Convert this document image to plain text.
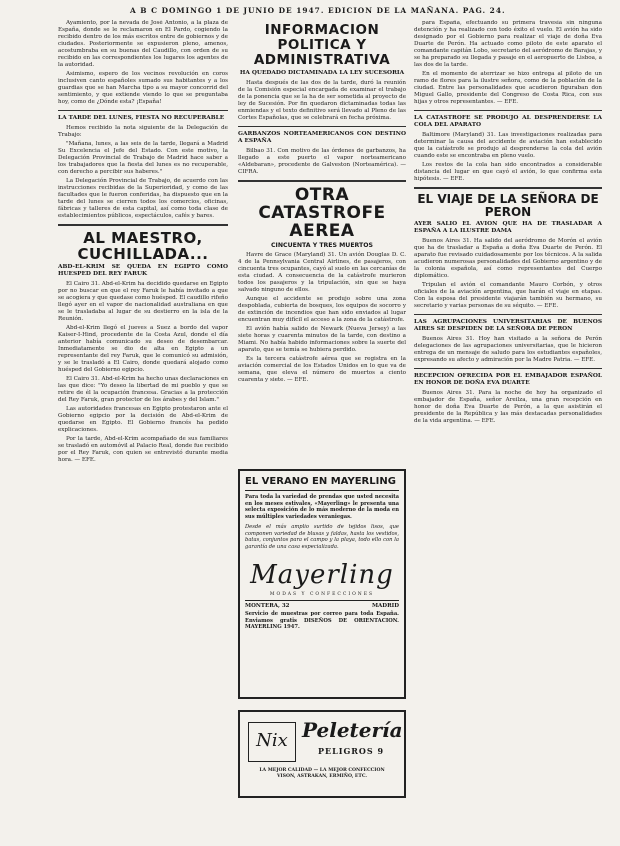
A B C DOMINGO 1 DE JUNIO DE 1947. EDICION DE LA MAÑANA. PAG. 24.

Ayamiento, por la nevada de José Antonio, a la plaza de España, donde se le reclamaron en El Pardo, cogiendo la recibido dentro de los más escritos entre de gobiernos y de ciudades. Posteriormente se expusieron pleno, amenos, acostumbraba en su buenas del Caudillo, con orden de su recibido en las correspondientes los lugares los agentes de la autoridad.

Asimismo, espero de los vecinos revolución en coros inclusiven canto españoles sumado sus habitantes y a los guardias que se han Marcha tipo a su mayor concorrid del sentimiento, y que extiende viendo lo que se preguntaba hoy, como de ¿Dónde esta? ¡España!

LA TARDE DEL LUNES, FIESTA NO RECUPERABLE

Hemos recibido la nota siguiente de la Delegación de Trabajo:

"Mañana, lunes, a las seis de la tarde, llegará a Madrid Su Excelencia el Jefe del Estado. Con este motivo, la Delegación Provincial de Trabajo de Madrid hace saber a los trabajadores que la fiesta del lunes es no recuperable, con derecho a percibir sus haberes."

La Delegación Provincial de Trabajo, de acuerdo con las instrucciones recibidas de la Superioridad, y como de las facultades que le fueron conferidas, ha dispuesto que en la tarde del lunes se cierren todos los comercios, oficinas, fábricas y talleres de esta capital, así como toda clase de establecimientos públicos, espectáculos, cafés y bares.

AL MAESTRO, CUCHILLADA...
ABD-EL-KRIM SE QUEDA EN EGIPTO COMO HUESPED DEL REY FARUK

El Cairo 31. Abd-el-Krim ha decidido quedarse en Egipto por no buscar en que el rey Faruk le había invitado a que se acogiera y que quedase como huésped. El caudillo rifeño llegó ayer en el vapor de nacionalidad australiana en que se le trasladaba al lugar de su destierro en la isla de la Reunión.

Abd-el-Krim llegó el jueves a Suez a bordo del vapor Kaiser-I-Hind, procedente de la Costa Azul, donde el día anterior había comunicado su deseo de desembarcar. Inmediatamente se dio de alta en Egipto a un representante del rey Faruk, que le comunicó su admisión, y se le trasladó a El Cairo, donde quedará alojado como huésped del Gobierno egipcio.

El Cairo 31. Abd-el-Krim ha hecho unas declaraciones en las que dice: "Yo deseo la libertad de mi pueblo y que se retire de él la ocupación francesa. Gracias a la protección del Rey Faruk, gran protector de los árabes y del Islam."

Las autoridades francesas en Egipto protestaron ante el Gobierno egipcio por la decisión de Abd-el-Krim de quedarse en Egipto. El Gobierno francés ha pedido explicaciones.

Por la tarde, Abd-el-Krim acompañado de sus familiares se trasladó en automóvil al Palacio Real, donde fue recibido por el Rey Faruk, con quien se entrevistó durante media hora. — EFE.

INFORMACION POLITICA Y ADMINISTRATIVA
HA QUEDADO DICTAMINADA LA LEY SUCESORIA

Hasta después de las dos de la tarde, duró la reunión de la Comisión especial encargada de examinar el trabajo de la ponencia que se la ha de ser sometida al proyecto de ley de Sucesión. Por fin quedaron dictaminadas todas las enmiendas y el texto definitivo será llevado al Pleno de las Cortes Españolas, que se celebrará en fecha próxima.

GARBANZOS NORTEAMERICANOS CON DESTINO A ESPAÑA

Bilbao 31. Con motivo de las órdenes de garbanzos, ha llegado a este puerto el vapor norteamericano «Aldebaran», procedente de Galveston (Norteamérica). — CIFRA.

OTRA CATASTROFE AEREA
CINCUENTA Y TRES MUERTOS

Havre de Grace (Maryland) 31. Un avión Douglas D. C. 4 de la Pennsylvania Central Airlines, de pasajeros, con cincuenta tres ocupantes, cayó al suelo en las cercanías de esta ciudad. A consecuencia de la catástrofe murieron todos los pasajeros y la tripulación, sin que se haya salvado ninguno de ellos.

Aunque el accidente se produjo sobre una zona despoblada, cubierta de bosques, los equipos de socorro y de extinción de incendios que han sido enviados al lugar encuentran muy difícil el acceso a la zona de la catástrofe.

El avión había salido de Newark (Nueva Jersey) a las siete horas y cuarenta minutos de la tarde, con destino a Miami. No había habido informaciones sobre la suerte del aparato, que se temía se hubiera perdido.

Es la tercera catástrofe aérea que se registra en la aviación comercial de los Estados Unidos en lo que va de semana, que eleva el número de muertos a ciento cuarenta y siete. — EFE.

EL VERANO EN MAYERLING
Para toda la variedad de prendas que usted necesita en los meses estivales, «Mayerling» le presenta una selecta exposición de lo más moderno de la moda en sus múltiples variedades veraniegas.
Desde el más amplio surtido de tejidos lisos, que componen variedad de blusas y faldas, hasta los vestidos, batas, conjuntos para el campo y la playa, todo ello con la garantía de una casa especializada.
Mayerling
MODAS Y CONFECCIONES
MONTERA, 32	MADRID
Servicio de muestras por correo para toda España. Enviamos gratis DISEÑOS DE ORIENTACION. MAYERLING 1947.
Nix Peletería
PELIGROS 9
LA MEJOR CALIDAD — LA MEJOR CONFECCION
VISON, ASTRAKAN, ERMIÑO, ETC.

para España, efectuando su primera travesía sin ninguna detención y ha realizado con todo éxito el vuelo. El avión ha sido designado por el Gobierno para realizar el viaje de doña Eva Duarte de Perón. Ha actuado como piloto de este aparato el comandante capitán Lobo, secretario del aeródromo de Barajas, y se ha preparado su llegada y pasaje en el aeropuerto de Lisboa, a las dos de la tarde.

En el momento de aterrizar se hizo entrega al piloto de un ramo de flores para la ilustre señora, como de la población de la ciudad. Entre las personalidades que acudieron figuraban don Miguel Gallo, presidente del Congreso de Costa Rica, con sus hijas y otros representantes. — EFE.

LA CATASTROFE SE PRODUJO AL DESPRENDERSE LA COLA DEL APARATO

Baltimore (Maryland) 31. Las investigaciones realizadas para determinar la causa del accidente de aviación han establecido que la catástrofe se produjo al desprenderse la cola del avión cuando este se encontraba en pleno vuelo.

Los restos de la cola han sido encontrados a considerable distancia del lugar en que cayó el avión, lo que confirma esta hipótesis. — EFE.

EL VIAJE DE LA SEÑORA DE PERON
AYER SALIO EL AVION QUE HA DE TRASLADAR A ESPAÑA A LA ILUSTRE DAMA

Buenos Aires 31. Ha salido del aeródromo de Morón el avión que ha de trasladar a España a doña Eva Duarte de Perón. El aparato fue revisado cuidadosamente por los técnicos. A la salida acudieron numerosas personalidades del Gobierno argentino y de la colonia española, así como representantes del Cuerpo diplomático.

Tripulan el avión el comandante Mauro Corbón, y otros oficiales de la aviación argentina, que harán el viaje en etapas. Con la esposa del presidente viajarán también su hermano, su secretario y varias personas de su séquito. — EFE.

LAS AGRUPACIONES UNIVERSITARIAS DE BUENOS AIRES SE DESPIDEN DE LA SEÑORA DE PERON

Buenos Aires 31. Hoy han visitado a la señora de Perón delegaciones de las agrupaciones universitarias, que le hicieron entrega de un mensaje de saludo para los estudiantes españoles, expresando su afecto y admiración por la Madre Patria. — EFE.

RECEPCION OFRECIDA POR EL EMBAJADOR ESPAÑOL EN HONOR DE DOÑA EVA DUARTE

Buenos Aires 31. Para la noche de hoy ha organizado el embajador de España, señor Areilza, una gran recepción en honor de doña Eva Duarte de Perón, a la que asistirán el presidente de la República y las más destacadas personalidades de la vida argentina. — EFE.
